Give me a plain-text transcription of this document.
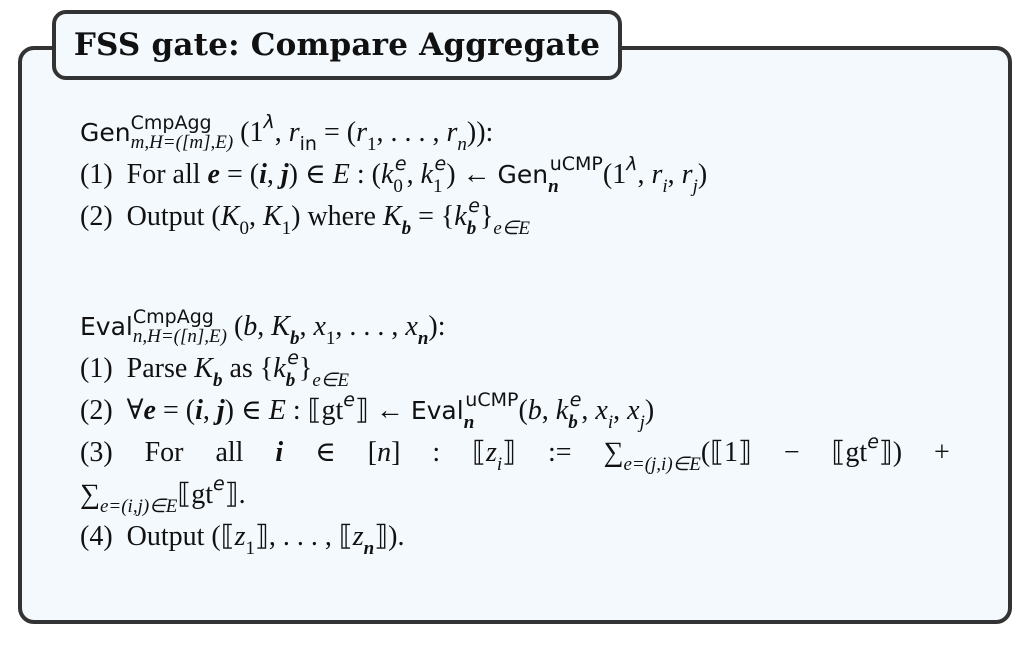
FSS gate: Compare Aggregate
Gen CmpAgg
m,H=([m],E) ($1^\lambda$, $r_{in} = (r_1$, . . . , $r_n$)):
(1)  For all e = (i, j) ∈ E : ($k_0^e$, $k_1^e$) ← $Gen_n^{uCMP}(1^\lambda$, $r_i$, $r_j$)
(2)  Output ($K_0$, $K_1$) where $K_b = \{k_b^e\}_{e\in E}$
Eval CmpAgg
n,H=([n],E) (b, $K_b$, $x_1$, . . . , $x_n$):
(1)  Parse $K_b$ as $\{k_b^e\}_{e\in E}$
(2)  ∀e = (i, j) ∈ E : $⟦gt^e⟧$ ← Eval$_n^{uCMP}$(b, $k_b^e$, $x_i$, $x_j$)
(3) For all i ∈ [n] : $⟦z_i⟧$ := $\sum_{e=(j,i)\in E}(⟦1⟧$ − $⟦gt^e⟧$) +
$\sum_{e=(i,j)\in E}⟦gt^e⟧$.
(4)  Output ($⟦z_1⟧$, . . . , $⟦z_n⟧$).
